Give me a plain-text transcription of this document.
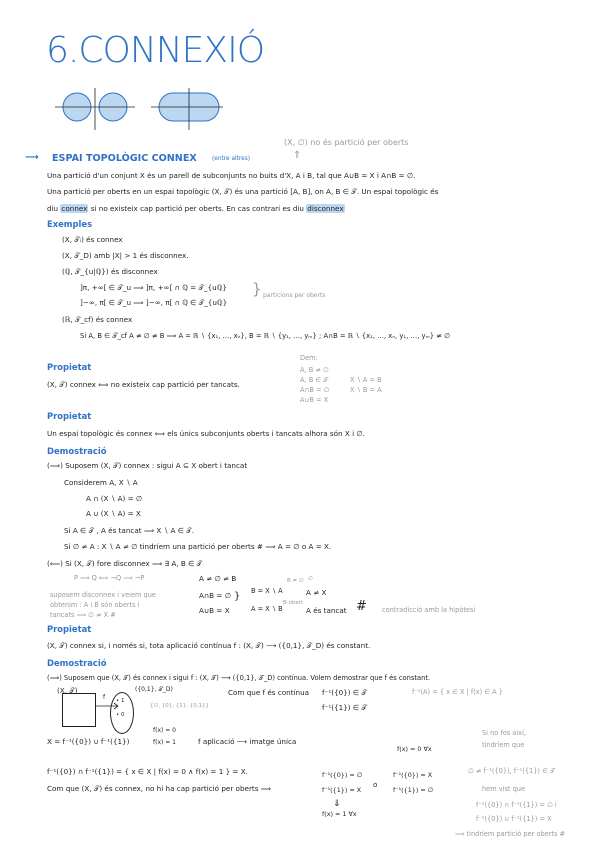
6.CONNEXIÓ
(X, ∅) no és partició per oberts
⇑
⟶ ESPAI TOPOLÒGIC CONNEX	(entre altres)
Una partició d'un conjunt X és un parell de subconjunts no buits d'X, A i B, tal que A∪B = X i A∩B = ∅.
Una partició per oberts en un espai topològic (X, 𝒯) és una partició [A, B], on A, B ∈ 𝒯. Un espai topològic és
diu connex si no existeix cap partició per oberts. En cas contrari es diu disconnex
Exemples
(X, 𝒯ᵢ) és connex
(X, 𝒯_D) amb |X| > 1 és disconnex.
(ℚ, 𝒯_{u|ℚ}) és disconnex
]π, +∞[ ∈ 𝒯_u ⟹ ]π, +∞[ ∩ ℚ = 𝒯_{uℚ}
]−∞, π[ ∈ 𝒯_u ⟹ ]−∞, π[ ∩ ℚ ∈ 𝒯_{uℚ}
} particions per oberts
(ℝ, 𝒯_cf) és connex
Si A, B ∈ 𝒯_cf A ≠ ∅ ≠ B ⟹ A = ℝ ∖ {x₁, …, xₙ}, B = ℝ ∖ {y₁, …, yₘ} ; A∩B = ℝ ∖ {x₁, …, xₙ, y₁, …, yₘ} ≠ ∅
Propietat
(X, 𝒯) connex ⟺ no existeix cap partició per tancats.
Dem:
A, B ≠ ∅
A, B ∈ 𝒯
A∩B = ∅
A∪B = X
X ∖ A = B
X ∖ B = A
Propietat
Un espai topològic és connex ⟺ els únics subconjunts oberts i tancats alhora són X i ∅.
Demostració
(⟹) Suposem (X, 𝒯) connex : sigui A ⊆ X obert i tancat
Considerem A, X ∖ A
A ∩ (X ∖ A) = ∅
A ∪ (X ∖ A) = X
Si A ∈ 𝒯 , A és tancat ⟹ X ∖ A ∈ 𝒯.
Si ∅ ≠ A : X ∖ A ≠ ∅ tindríem una partició per oberts # ⟹ A = ∅ o A = X.
(⟸) Si (X, 𝒯) fore disconnex ⟹ ∃ A, B ∈ 𝒯
P ⟹ Q ⟺ ¬Q ⟹ ¬P
suposem disconnex i veiem que
obtenim : A i B són oberts i
tancats ⟹ ∅ ≠ X #
A ≠ ∅ ≠ B
A∩B = ∅
A∪B = X
} B = X ∖ A
B ≠ ∅ ∅
A ≠ X
A = X ∖ B
B obert
A és tancat # contradicció amb la hipòtesi
Propietat
(X, 𝒯) connex si, i només si, tota aplicació contínua f : (X, 𝒯) ⟶ ({0,1}, 𝒯_D) és constant.
Demostració
(⟹) Suposem que (X, 𝒯) és connex i sigui f : (X, 𝒯) ⟶ ({0,1}, 𝒯_D) contínua. Volem demostrar que f és constant.
(X, 𝒯)
f • 1
• 0
({0,1}, 𝒯_D)
{∅, {0}, {1}, {0,1}}
Com que f és contínua f⁻¹({0}) ∈ 𝒯
f⁻¹({1}) ∈ 𝒯
f⁻¹(A) = { x ∈ X | f(x) ∈ A }
X = f⁻¹({0}) ∪ f⁻¹({1})
f(x) = 0
f(x) = 1	f aplicació ⟶ imatge única
f⁻¹({0}) ∩ f⁻¹({1}) = { x ∈ X | f(x) = 0 ∧ f(x) = 1 } = X.
Com que (X, 𝒯) és connex, no hi ha cap partició per oberts ⟹
f(x) = 0 ∀x
f⁻¹({0}) = ∅
f⁻¹({1}) = X
⇓
f(x) = 1 ∀x
o
f⁻¹({0}) = X
f⁻¹({1}) = ∅
Si no fos així,
tindríem que
∅ ≠ f⁻¹({0}), f⁻¹({1}) ∈ 𝒯
hem vist que
f⁻¹({0}) ∩ f⁻¹({1}) = ∅ i
f⁻¹({0}) ∪ f⁻¹({1}) = X
⟹ tindríem partició per oberts #
